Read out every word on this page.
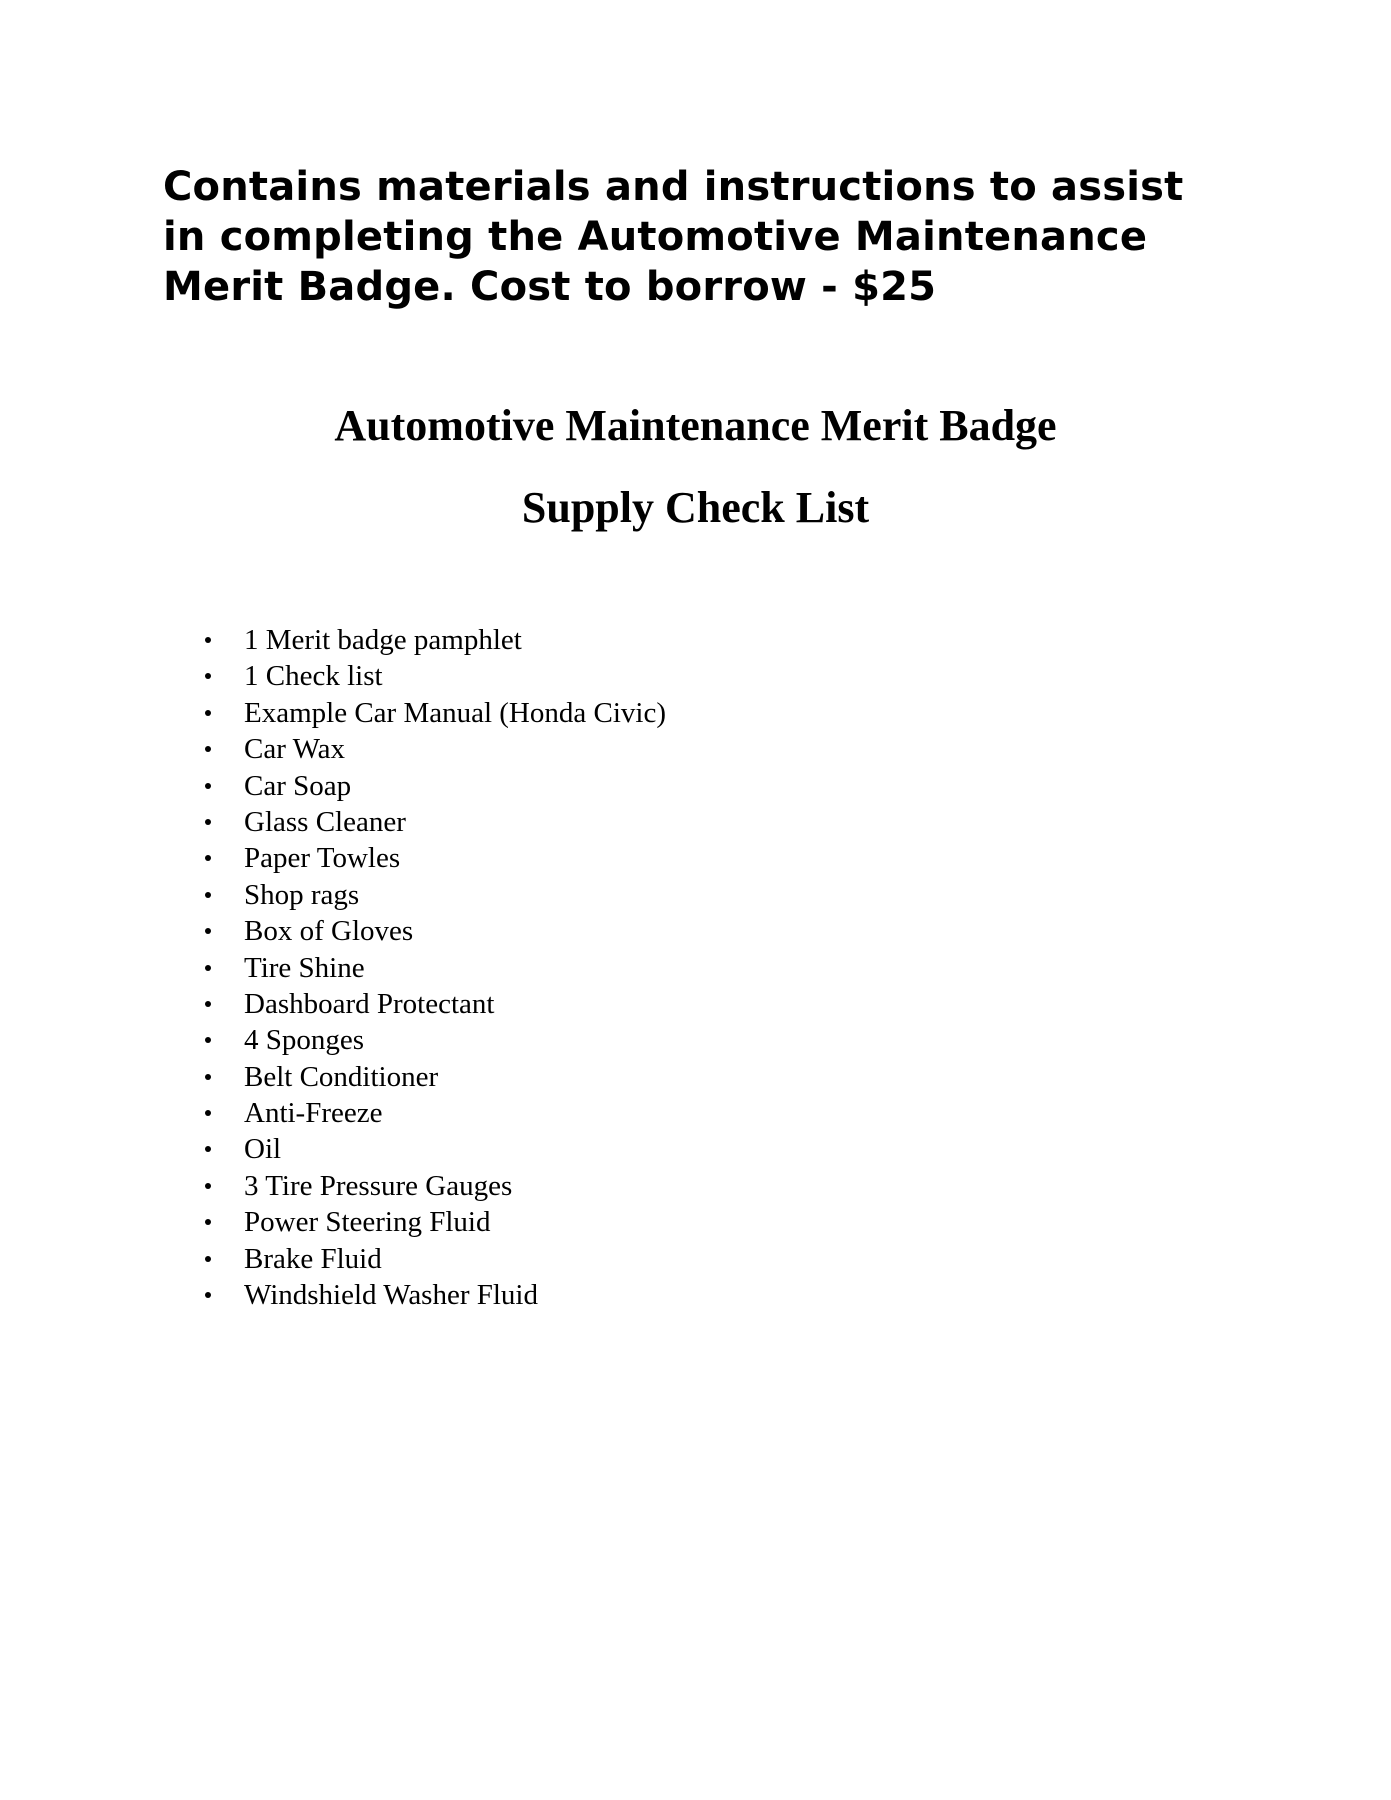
Contains materials and instructions to assist
in completing the Automotive Maintenance
Merit Badge. Cost to borrow - $25

Automotive Maintenance Merit Badge
Supply Check List
1 Merit badge pamphlet
1 Check list
Example Car Manual (Honda Civic)
Car Wax
Car Soap
Glass Cleaner
Paper Towles
Shop rags
Box of Gloves
Tire Shine
Dashboard Protectant
4 Sponges
Belt Conditioner
Anti-Freeze
Oil
3 Tire Pressure Gauges
Power Steering Fluid
Brake Fluid
Windshield Washer Fluid
